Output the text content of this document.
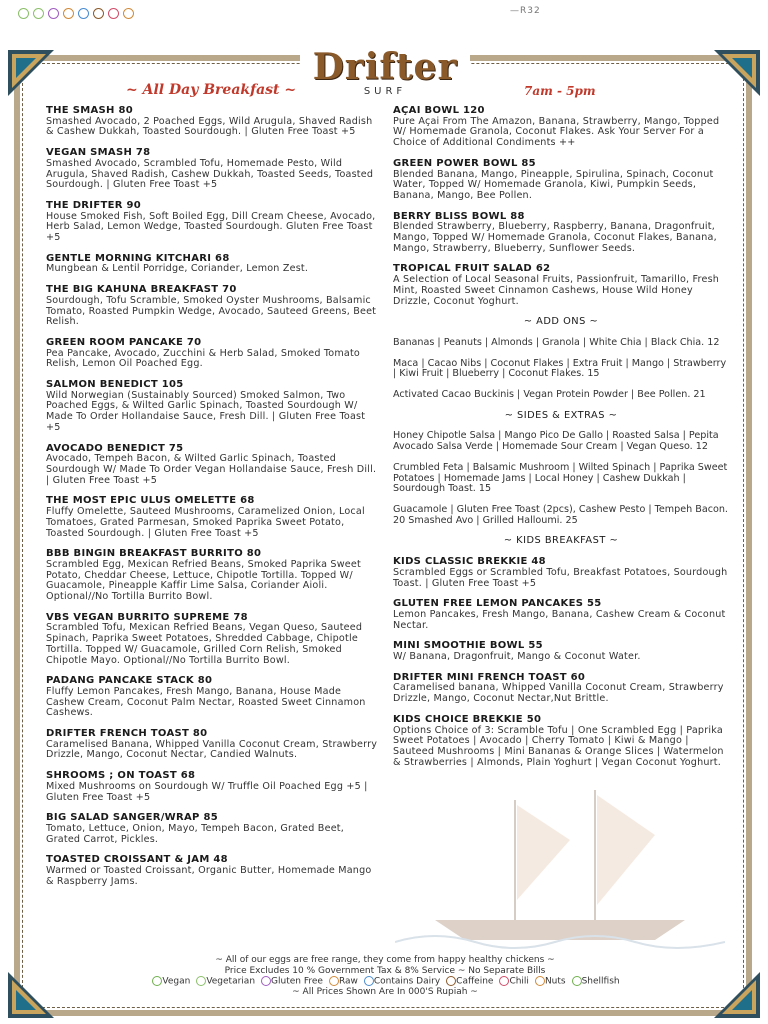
—R32
Drifter
SURF
~ All Day Breakfast ~	7am - 5pm
THE SMASH 80
Smashed Avocado, 2 Poached Eggs, Wild Arugula, Shaved Radish & Cashew Dukkah, Toasted Sourdough. | Gluten Free Toast +5
VEGAN SMASH 78
Smashed Avocado, Scrambled Tofu, Homemade Pesto, Wild Arugula, Shaved Radish, Cashew Dukkah, Toasted Seeds, Toasted Sourdough. | Gluten Free Toast +5
THE DRIFTER 90
House Smoked Fish, Soft Boiled Egg, Dill Cream Cheese, Avocado, Herb Salad, Lemon Wedge, Toasted Sourdough. Gluten Free Toast +5
GENTLE MORNING KITCHARI 68
Mungbean & Lentil Porridge, Coriander, Lemon Zest.
THE BIG KAHUNA BREAKFAST 70
Sourdough, Tofu Scramble, Smoked Oyster Mushrooms, Balsamic Tomato, Roasted Pumpkin Wedge, Avocado, Sauteed Greens, Beet Relish.
GREEN ROOM PANCAKE 70
Pea Pancake, Avocado, Zucchini & Herb Salad, Smoked Tomato Relish, Lemon Oil Poached Egg.
SALMON BENEDICT 105
Wild Norwegian (Sustainably Sourced) Smoked Salmon, Two Poached Eggs, & Wilted Garlic Spinach, Toasted Sourdough W/ Made To Order Hollandaise Sauce, Fresh Dill. | Gluten Free Toast +5
AVOCADO BENEDICT 75
Avocado, Tempeh Bacon, & Wilted Garlic Spinach, Toasted Sourdough W/ Made To Order Vegan Hollandaise Sauce, Fresh Dill. | Gluten Free Toast +5
THE MOST EPIC ULUS OMELETTE 68
Fluffy Omelette, Sauteed Mushrooms, Caramelized Onion, Local Tomatoes, Grated Parmesan, Smoked Paprika Sweet Potato, Toasted Sourdough. | Gluten Free Toast +5
BBB BINGIN BREAKFAST BURRITO 80
Scrambled Egg, Mexican Refried Beans, Smoked Paprika Sweet Potato, Cheddar Cheese, Lettuce, Chipotle Tortilla. Topped W/ Guacamole, Pineapple Kaffir Lime Salsa, Coriander Aioli. Optional//No Tortilla Burrito Bowl.
VBS VEGAN BURRITO SUPREME 78
Scrambled Tofu, Mexican Refried Beans, Vegan Queso, Sauteed Spinach, Paprika Sweet Potatoes, Shredded Cabbage, Chipotle Tortilla. Topped W/ Guacamole, Grilled Corn Relish, Smoked Chipotle Mayo. Optional//No Tortilla Burrito Bowl.
PADANG PANCAKE STACK 80
Fluffy Lemon Pancakes, Fresh Mango, Banana, House Made Cashew Cream, Coconut Palm Nectar, Roasted Sweet Cinnamon Cashews.
DRIFTER FRENCH TOAST 80
Caramelised Banana, Whipped Vanilla Coconut Cream, Strawberry Drizzle, Mango, Coconut Nectar, Candied Walnuts.
SHROOMS ; ON TOAST 68
Mixed Mushrooms on Sourdough W/ Truffle Oil Poached Egg +5 | Gluten Free Toast +5
BIG SALAD SANGER/WRAP 85
Tomato, Lettuce, Onion, Mayo, Tempeh Bacon, Grated Beet, Grated Carrot, Pickles.
TOASTED CROISSANT & JAM 48
Warmed or Toasted Croissant, Organic Butter, Homemade Mango & Raspberry Jams.
AÇAI BOWL 120
Pure Açai From The Amazon, Banana, Strawberry, Mango, Topped W/ Homemade Granola, Coconut Flakes. Ask Your Server For a Choice of Additional Condiments ++
GREEN POWER BOWL 85
Blended Banana, Mango, Pineapple, Spirulina, Spinach, Coconut Water, Topped W/ Homemade Granola, Kiwi, Pumpkin Seeds, Banana, Mango, Bee Pollen.
BERRY BLISS BOWL 88
Blended Strawberry, Blueberry, Raspberry, Banana, Dragonfruit, Mango, Topped W/ Homemade Granola, Coconut Flakes, Banana, Mango, Strawberry, Blueberry, Sunflower Seeds.
TROPICAL FRUIT SALAD 62
A Selection of Local Seasonal Fruits, Passionfruit, Tamarillo, Fresh Mint, Roasted Sweet Cinnamon Cashews, House Wild Honey Drizzle, Coconut Yoghurt.
~ ADD ONS ~
Bananas | Peanuts | Almonds | Granola | White Chia | Black Chia. 12
Maca | Cacao Nibs | Coconut Flakes | Extra Fruit | Mango | Strawberry | Kiwi Fruit | Blueberry | Coconut Flakes. 15
Activated Cacao Buckinis | Vegan Protein Powder | Bee Pollen. 21
~ SIDES & EXTRAS ~
Honey Chipotle Salsa | Mango Pico De Gallo | Roasted Salsa | Pepita Avocado Salsa Verde | Homemade Sour Cream | Vegan Queso. 12
Crumbled Feta | Balsamic Mushroom | Wilted Spinach | Paprika Sweet Potatoes | Homemade Jams | Local Honey | Cashew Dukkah | Sourdough Toast. 15
Guacamole | Gluten Free Toast (2pcs), Cashew Pesto | Tempeh Bacon. 20 Smashed Avo | Grilled Halloumi. 25
~ KIDS BREAKFAST ~
KIDS CLASSIC BREKKIE 48
Scrambled Eggs or Scrambled Tofu, Breakfast Potatoes, Sourdough Toast. | Gluten Free Toast +5
GLUTEN FREE LEMON PANCAKES 55
Lemon Pancakes, Fresh Mango, Banana, Cashew Cream & Coconut Nectar.
MINI SMOOTHIE BOWL 55
W/ Banana, Dragonfruit, Mango & Coconut Water.
DRIFTER MINI FRENCH TOAST 60
Caramelised banana, Whipped Vanilla Coconut Cream, Strawberry Drizzle, Mango, Coconut Nectar,Nut Brittle.
KIDS CHOICE BREKKIE 50
Options Choice of 3: Scramble Tofu | One Scrambled Egg | Paprika Sweet Potatoes | Avocado | Cherry Tomato | Kiwi & Mango | Sauteed Mushrooms | Mini Bananas & Orange Slices | Watermelon & Strawberries | Almonds, Plain Yoghurt | Vegan Coconut Yoghurt.
~ All of our eggs are free range, they come from happy healthy chickens ~
Price Excludes 10 % Government Tax & 8% Service ~ No Separate Bills
Vegan	Vegetarian	Gluten Free	Raw	Contains Dairy	Caffeine	Chili	Nuts	Shellfish
~ All Prices Shown Are In 000'S Rupiah ~
